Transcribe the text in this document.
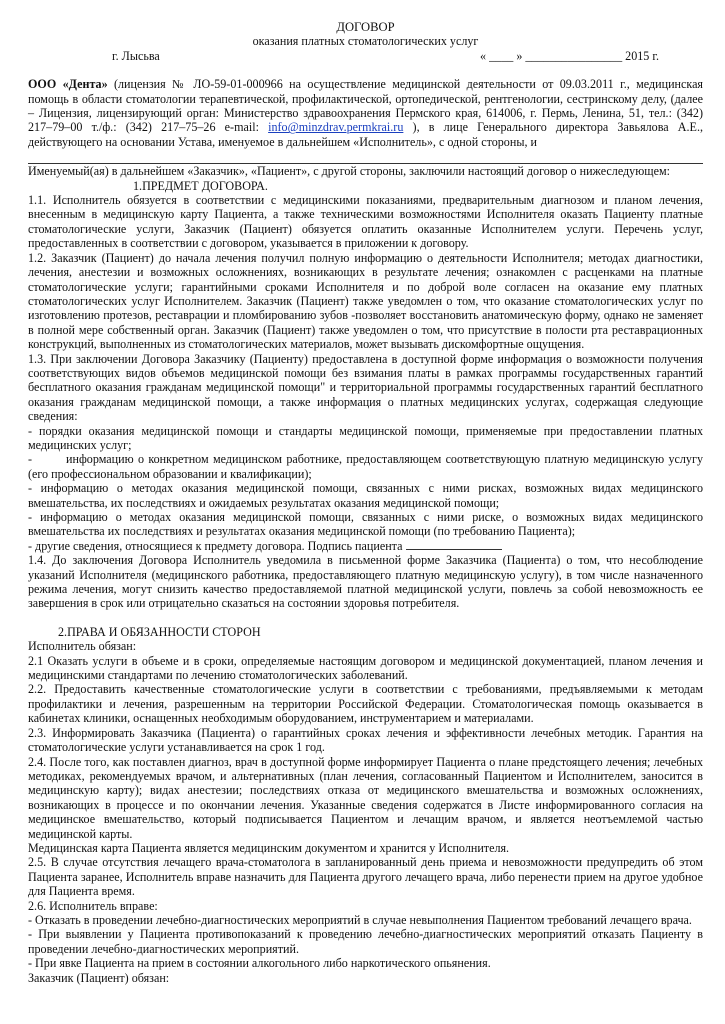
ДОГОВОР
оказания платных стоматологических услуг
г. Лысьва	« ____ » ________________ 2015 г.

ООО «Дента» (лицензия № ЛО-59-01-000966 на осуществление медицинской деятельности от 09.03.2011 г., медицинская помощь в области стоматологии терапевтической, профилактической, ортопедической, рентгенологии, сестринскому делу, (далее – Лицензия, лицензирующий орган: Министерство здравоохранения Пермского края, 614006, г. Пермь, Ленина, 51, тел.: (342) 217–79–00 т./ф.: (342) 217–75–26 e-mail: info@minzdrav.permkrai.ru ), в лице Генерального директора Завьялова А.Е., действующего на основании Устава, именуемое в дальнейшем «Исполнитель», с одной стороны, и

Именуемый(ая) в дальнейшем «Заказчик», «Пациент», с другой стороны, заключили настоящий договор о нижеследующем:

1.ПРЕДМЕТ ДОГОВОРА.

1.1. Исполнитель обязуется в соответствии с медицинскими показаниями, предварительным диагнозом и планом лечения, внесенным в медицинскую карту Пациента, а также техническими возможностями Исполнителя оказать Пациенту платные стоматологические услуги, Заказчик (Пациент) обязуется оплатить оказанные Исполнителем услуги. Перечень услуг, предоставленных в соответствии с договором, указывается в приложении к договору.

1.2. Заказчик (Пациент) до начала лечения получил полную информацию о деятельности Исполнителя; методах диагностики, лечения, анестезии и возможных осложнениях, возникающих в результате лечения; ознакомлен с расценками на платные стоматологические услуги; гарантийными сроками Исполнителя и по доброй воле согласен на оказание ему платных стоматологических услуг Исполнителем. Заказчик (Пациент) также уведомлен о том, что оказание стоматологических услуг по изготовлению протезов, реставрации и пломбированию зубов -позволяет восстановить анатомическую форму, однако не заменяет в полной мере собственный орган. Заказчик (Пациент) также уведомлен о том, что присутствие в полости рта реставрационных конструкций, выполненных из стоматологических материалов, может вызывать дискомфортные ощущения.

1.3. При заключении Договора Заказчику (Пациенту) предоставлена в доступной форме информация о возможности получения соответствующих видов объемов медицинской помощи без взимания платы в рамках программы государственных гарантий бесплатного оказания гражданам медицинской помощи" и территориальной программы государственных гарантий бесплатного оказания гражданам медицинской помощи, а также информация о платных медицинских услугах, содержащая следующие сведения:

- порядки оказания медицинской помощи и стандарты медицинской помощи, применяемые при предоставлении платных медицинских услуг;

-	информацию о конкретном медицинском работнике, предоставляющем соответствующую платную медицинскую услугу (его профессиональном образовании и квалификации);

- информацию о методах оказания медицинской помощи, связанных с ними рисках, возможных видах медицинского вмешательства, их последствиях и ожидаемых результатах оказания медицинской помощи;

- информацию о методах оказания медицинской помощи, связанных с ними риске, о возможных видах медицинского вмешательства их последствиях и результатах оказания медицинской помощи (по требованию Пациента);

- другие сведения, относящиеся к предмету договора. Подпись пациента

1.4. До заключения Договора Исполнитель уведомила в письменной форме Заказчика (Пациента) о том, что несоблюдение указаний Исполнителя (медицинского работника, предоставляющего платную медицинскую услугу), в том числе назначенного режима лечения, могут снизить качество предоставляемой платной медицинской услуги, повлечь за собой невозможность ее завершения в срок или отрицательно сказаться на состоянии здоровья потребителя.

2.ПРАВА И ОБЯЗАННОСТИ СТОРОН

Исполнитель обязан:

2.1 Оказать услуги в объеме и в сроки, определяемые настоящим договором и медицинской документацией, планом лечения и медицинскими стандартами по лечению стоматологических заболеваний.

2.2. Предоставить качественные стоматологические услуги в соответствии с требованиями, предъявляемыми к методам профилактики и лечения, разрешенным на территории Российской Федерации. Стоматологическая помощь оказывается в кабинетах клиники, оснащенных необходимым оборудованием, инструментарием и материалами.

2.3. Информировать Заказчика (Пациента) о гарантийных сроках лечения и эффективности лечебных методик. Гарантия на стоматологические услуги устанавливается на срок 1 год.

2.4. После того, как поставлен диагноз, врач в доступной форме информирует Пациента о плане предстоящего лечения; лечебных методиках, рекомендуемых врачом, и альтернативных (план лечения, согласованный Пациентом и Исполнителем, заносится в медицинскую карту); видах анестезии; последствиях отказа от медицинского вмешательства и возможных осложнениях, возникающих в процессе и по окончании лечения. Указанные сведения содержатся в Листе информированного согласия на медицинское вмешательство, который подписывается Пациентом и лечащим врачом, и является неотъемлемой частью медицинской карты.

Медицинская карта Пациента является медицинским документом и хранится у Исполнителя.

2.5. В случае отсутствия лечащего врача-стоматолога в запланированный день приема и невозможности предупредить об этом Пациента заранее, Исполнитель вправе назначить для Пациента другого лечащего врача, либо перенести прием на другое удобное для Пациента время.

2.6. Исполнитель вправе:

- Отказать в проведении лечебно-диагностических мероприятий в случае невыполнения Пациентом требований лечащего врача.

- При выявлении у Пациента противопоказаний к проведению лечебно-диагностических мероприятий отказать Пациенту в проведении лечебно-диагностических мероприятий.

- При явке Пациента на прием в состоянии алкогольного либо наркотического опьянения.

Заказчик (Пациент) обязан:
